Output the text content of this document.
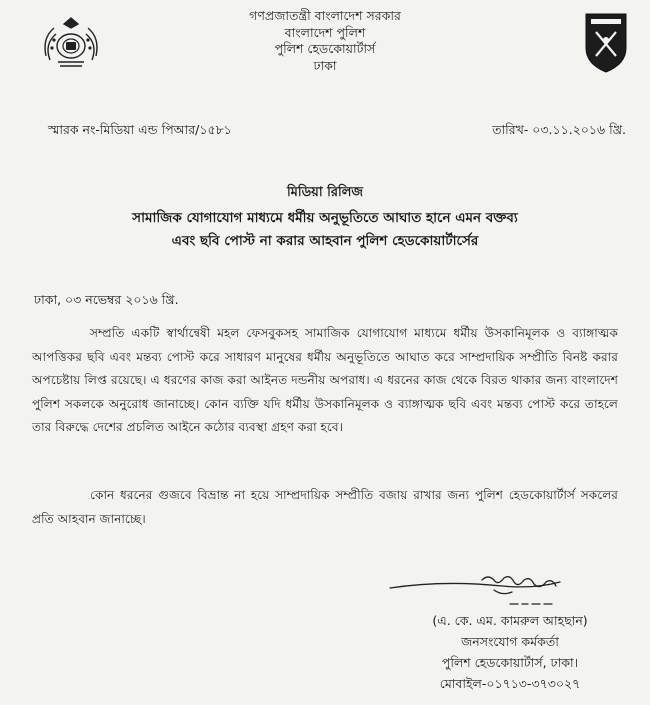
গণপ্রজাতন্ত্রী বাংলাদেশ সরকার
বাংলাদেশ পুলিশ
পুলিশ হেডকোয়ার্টার্স
ঢাকা
স্মারক নং-মিডিয়া এন্ড পিআর/১৫৮১	তারিখ- ০৩.১১.২০১৬ খ্রি.
মিডিয়া রিলিজ
সামাজিক যোগাযোগ মাধ্যমে ধর্মীয় অনুভূতিতে আঘাত হানে এমন বক্তব্য
এবং ছবি পোস্ট না করার আহবান পুলিশ হেডকোয়ার্টার্সের
ঢাকা, ০৩ নভেম্বর ২০১৬ খ্রি.
সম্প্রতি একটি স্বার্থান্বেষী মহল ফেসবুকসহ সামাজিক যোগাযোগ মাধ্যমে ধর্মীয় উসকানিমূলক ও ব্যাঙ্গাত্মক আপত্তিকর ছবি এবং মন্তব্য পোস্ট করে সাধারণ মানুষের ধর্মীয় অনুভূতিতে আঘাত করে সাম্প্রদায়িক সম্প্রীতি বিনষ্ট করার অপচেষ্টায় লিপ্ত রয়েছে। এ ধরণের কাজ করা আইনত দন্ডনীয় অপরাধ। এ ধরনের কাজ থেকে বিরত থাকার জন্য বাংলাদেশ পুলিশ সকলকে অনুরোধ জানাচ্ছে। কোন ব্যক্তি যদি ধর্মীয় উসকানিমূলক ও ব্যাঙ্গাত্মক ছবি এবং মন্তব্য পোস্ট করে তাহলে তার বিরুদ্ধে দেশের প্রচলিত আইনে কঠোর ব্যবস্থা গ্রহণ করা হবে।
কোন ধরনের গুজবে বিভ্রান্ত না হয়ে সাম্প্রদায়িক সম্প্রীতি বজায় রাখার জন্য পুলিশ হেডকোয়ার্টার্স সকলের প্রতি আহবান জানাচ্ছে।
(এ. কে. এম. কামরুল আহছান)
জনসংযোগ কর্মকর্তা
পুলিশ হেডকোয়ার্টার্স, ঢাকা।
মোবাইল-০১৭১৩-৩৭৩০২৭
